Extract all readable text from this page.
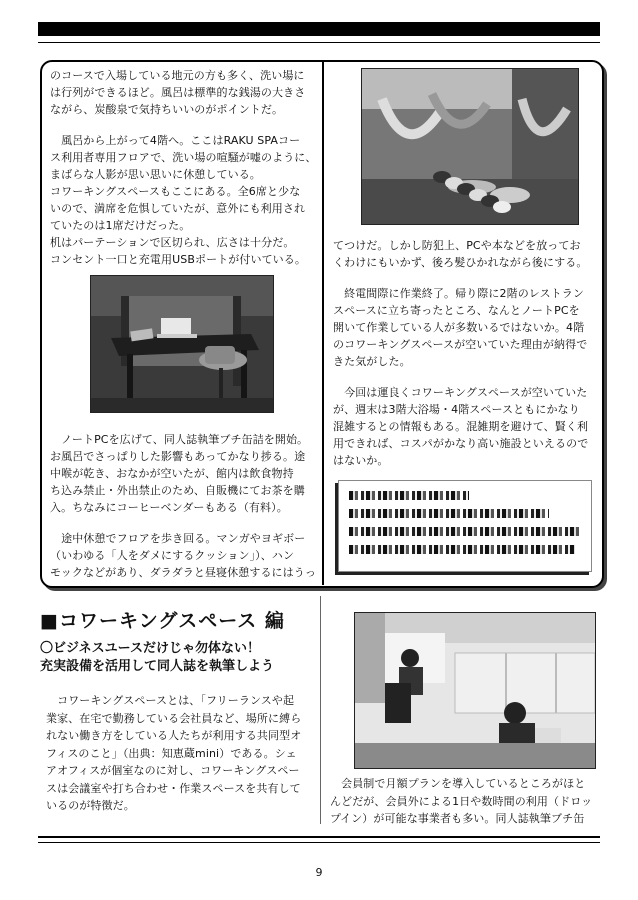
のコースで入場している地元の方も多く、洗い場に

は行列ができるほど。風呂は標準的な銭湯の大きさ

ながら、炭酸泉で気持ちいいのがポイントだ。

　風呂から上がって4階へ。ここはRAKU SPAコー

ス利用者専用フロアで、洗い場の喧騒が嘘のように、

まばらな人影が思い思いに休憩している。

コワーキングスペースもここにある。全6席と少な

いので、満席を危惧していたが、意外にも利用され

ていたのは1席だけだった。

机はパーテーションで区切られ、広さは十分だ。

コンセント一口と充電用USBポートが付いている。

　ノートPCを広げて、同人誌執筆ブチ缶詰を開始。

お風呂でさっぱりした影響もあってかなり捗る。途

中喉が乾き、おなかが空いたが、館内は飲食物持

ち込み禁止・外出禁止のため、自販機にてお茶を購

入。ちなみにコーヒーベンダーもある（有料）。

　途中休憩でフロアを歩き回る。マンガやヨギボー

（いわゆる「人をダメにするクッション」）、ハン

モックなどがあり、ダラダラと昼寝休憩するにはうっ

てつけだ。しかし防犯上、PCや本などを放ってお

くわけにもいかず、後ろ髪ひかれながら後にする。

　終電間際に作業終了。帰り際に2階のレストラン

スペースに立ち寄ったところ、なんとノートPCを

開いて作業している人が多数いるではないか。4階

のコワーキングスペースが空いていた理由が納得で

きた気がした。

　今回は運良くコワーキングスペースが空いていた

が、週末は3階大浴場・4階スペースともにかなり

混雑するとの情報もある。混雑期を避けて、賢く利

用できれば、コスパがかなり高い施設といえるので

はないか。

■コワーキングスペース 編
〇ビジネスユースだけじゃ勿体ない！
充実設備を活用して同人誌を執筆しよう

　コワーキングスペースとは、「フリーランスや起

業家、在宅で勤務している会社員など、場所に縛ら

れない働き方をしている人たちが利用する共同型オ

フィスのこと」（出典：知恵蔵mini）である。シェ

アオフィスが個室なのに対し、コワーキングスペー

スは会議室や打ち合わせ・作業スペースを共有して

いるのが特徴だ。

　会員制で月額プランを導入しているところがほと

んどだが、会員外による1日や数時間の利用（ドロッ

プイン）が可能な事業者も多い。同人誌執筆ブチ缶

9
